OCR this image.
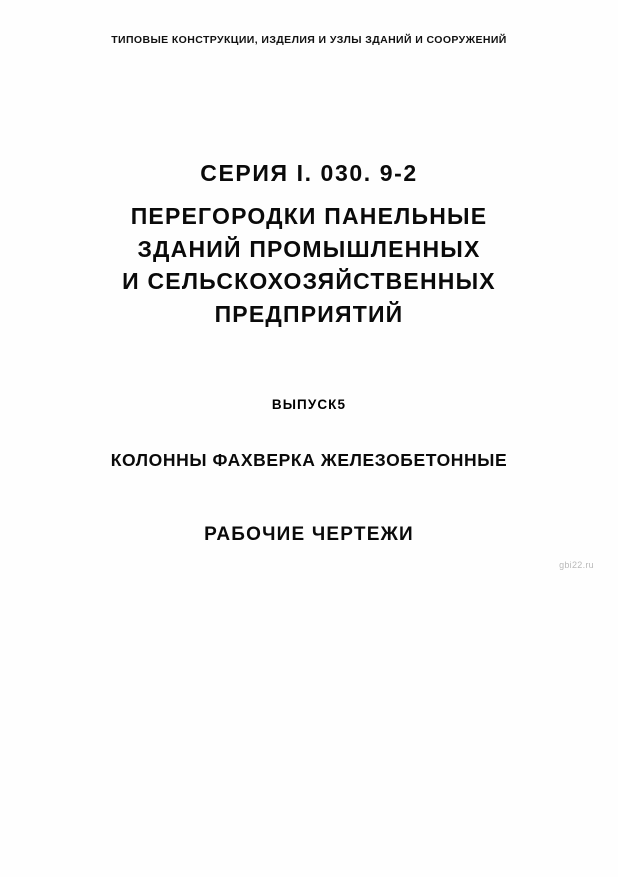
ТИПОВЫЕ КОНСТРУКЦИИ, ИЗДЕЛИЯ И УЗЛЫ ЗДАНИЙ И СООРУЖЕНИЙ
СЕРИЯ I. 030. 9-2
ПЕРЕГОРОДКИ ПАНЕЛЬНЫЕ
ЗДАНИЙ ПРОМЫШЛЕННЫХ
И СЕЛЬСКОХОЗЯЙСТВЕННЫХ
ПРЕДПРИЯТИЙ
ВЫПУСК5
КОЛОННЫ ФАХВЕРКА ЖЕЛЕЗОБЕТОННЫЕ
РАБОЧИЕ ЧЕРТЕЖИ
gbi22.ru
